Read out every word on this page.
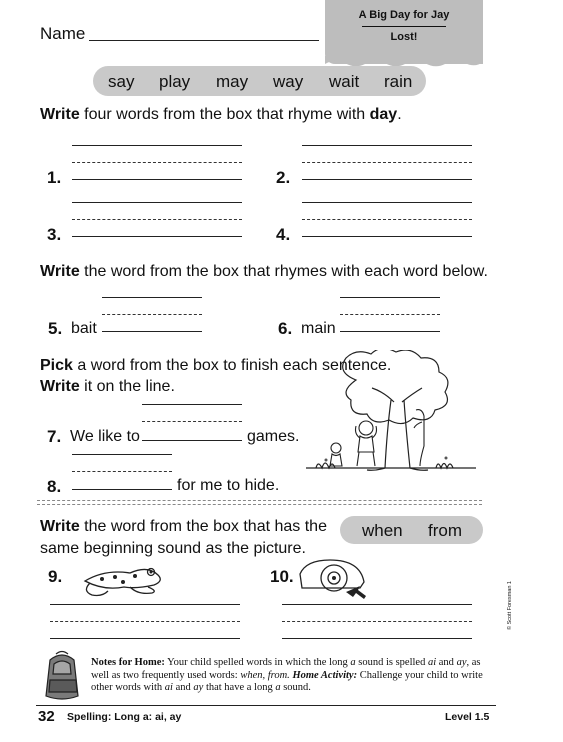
A Big Day for Jay
Lost!
Name
say play may way wait rain
Write four words from the box that rhyme with day.
1.	2.
3.	4.
Write the word from the box that rhymes with each word below.
5. bait	6. main
Pick a word from the box to finish each sentence.
Write it on the line.
7. We like to	games.
8.	for me to hide.
Write the word from the box that has the
same beginning sound as the picture.
when from
9.	10.
© Scott Foresman 1
Notes for Home: Your child spelled words in which the long a sound is spelled ai and ay, as well as two frequently used words: when, from. Home Activity: Challenge your child to write other words with ai and ay that have a long a sound.
32 Spelling: Long a: ai, ay	Level 1.5
